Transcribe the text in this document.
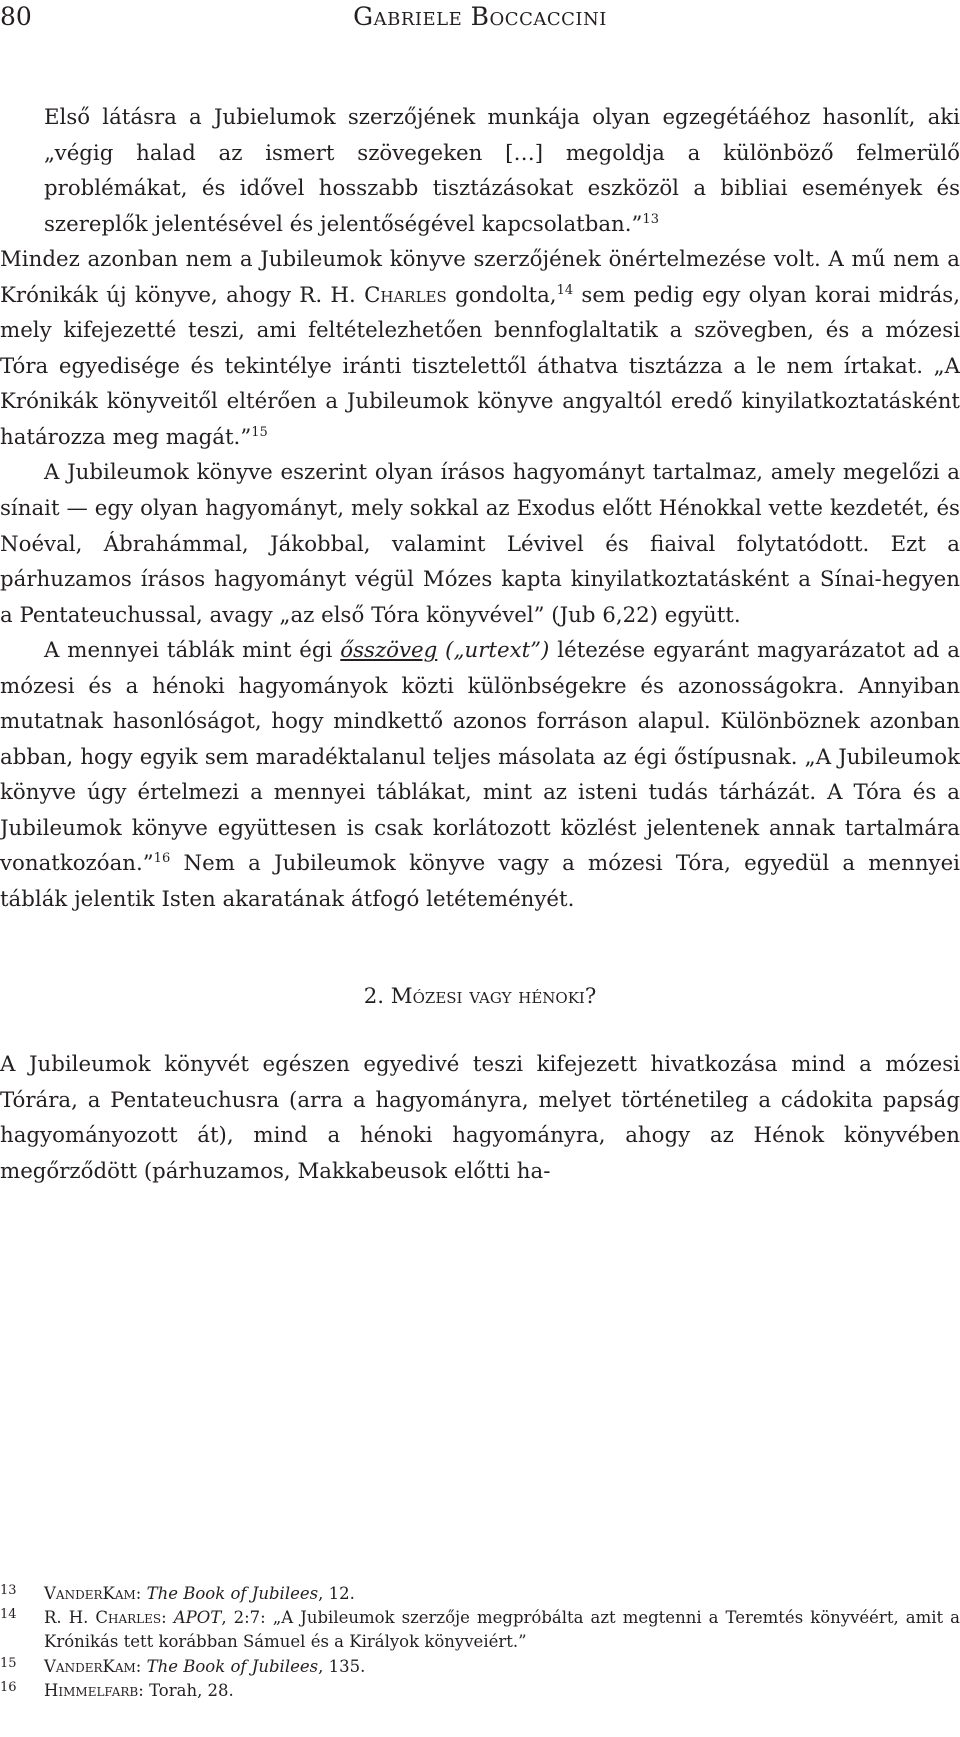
80	Gabriele Boccaccini

Első látásra a Jubielumok szerzőjének munkája olyan egzegétáéhoz hasonlít, aki „végig halad az ismert szövegeken […] megoldja a különböző felmerülő problémákat, és idővel hosszabb tisztázásokat eszközöl a bibliai események és szereplők jelentésével és jelentőségével kapcsolatban.”$^{13}$

Mindez azonban nem a Jubileumok könyve szerzőjének önértelmezése volt. A mű nem a Krónikák új könyve, ahogy R. H. Charles gondolta,$^{14}$ sem pedig egy olyan korai midrás, mely kifejezetté teszi, ami feltételezhetően bennfoglaltatik a szövegben, és a mózesi Tóra egyedisége és tekintélye iránti tisztelettől áthatva tisztázza a le nem írtakat. „A Krónikák könyveitől eltérően a Jubileumok könyve angyaltól eredő kinyilatkoztatásként határozza meg magát.”$^{15}$

A Jubileumok könyve eszerint olyan írásos hagyományt tartalmaz, amely megelőzi a sínait — egy olyan hagyományt, mely sokkal az Exodus előtt Hénokkal vette kezdetét, és Noéval, Ábrahámmal, Jákobbal, valamint Lévivel és fiaival folytatódott. Ezt a párhuzamos írásos hagyományt végül Mózes kapta kinyilatkoztatásként a Sínai-hegyen a Pentateuchussal, avagy „az első Tóra könyvével” (Jub 6,22) együtt.

A mennyei táblák mint égi ősszöveg („urtext”) létezése egyaránt magyarázatot ad a mózesi és a hénoki hagyományok közti különbségekre és azonosságokra. Annyiban mutatnak hasonlóságot, hogy mindkettő azonos forráson alapul. Különböznek azonban abban, hogy egyik sem maradéktalanul teljes másolata az égi őstípusnak. „A Jubileumok könyve úgy értelmezi a mennyei táblákat, mint az isteni tudás tárházát. A Tóra és a Jubileumok könyve együttesen is csak korlátozott közlést jelentenek annak tartalmára vonatkozóan.”$^{16}$ Nem a Jubileumok könyve vagy a mózesi Tóra, egyedül a mennyei táblák jelentik Isten akaratának átfogó letéteményét.

2. Mózesi vagy hénoki?

A Jubileumok könyvét egészen egyedivé teszi kifejezett hivatkozása mind a mózesi Tórára, a Pentateuchusra (arra a hagyományra, melyet történetileg a cádokita papság hagyományozott át), mind a hénoki hagyományra, ahogy az Hénok könyvében megőrződött (párhuzamos, Makkabeusok előtti ha-

13 VanderKam: The Book of Jubilees, 12.
14 R. H. Charles: APOT, 2:7: „A Jubileumok szerzője megpróbálta azt megtenni a Teremtés könyvéért, amit a Krónikás tett korábban Sámuel és a Királyok könyveiért.”
15 VanderKam: The Book of Jubilees, 135.
16 Himmelfarb: Torah, 28.
